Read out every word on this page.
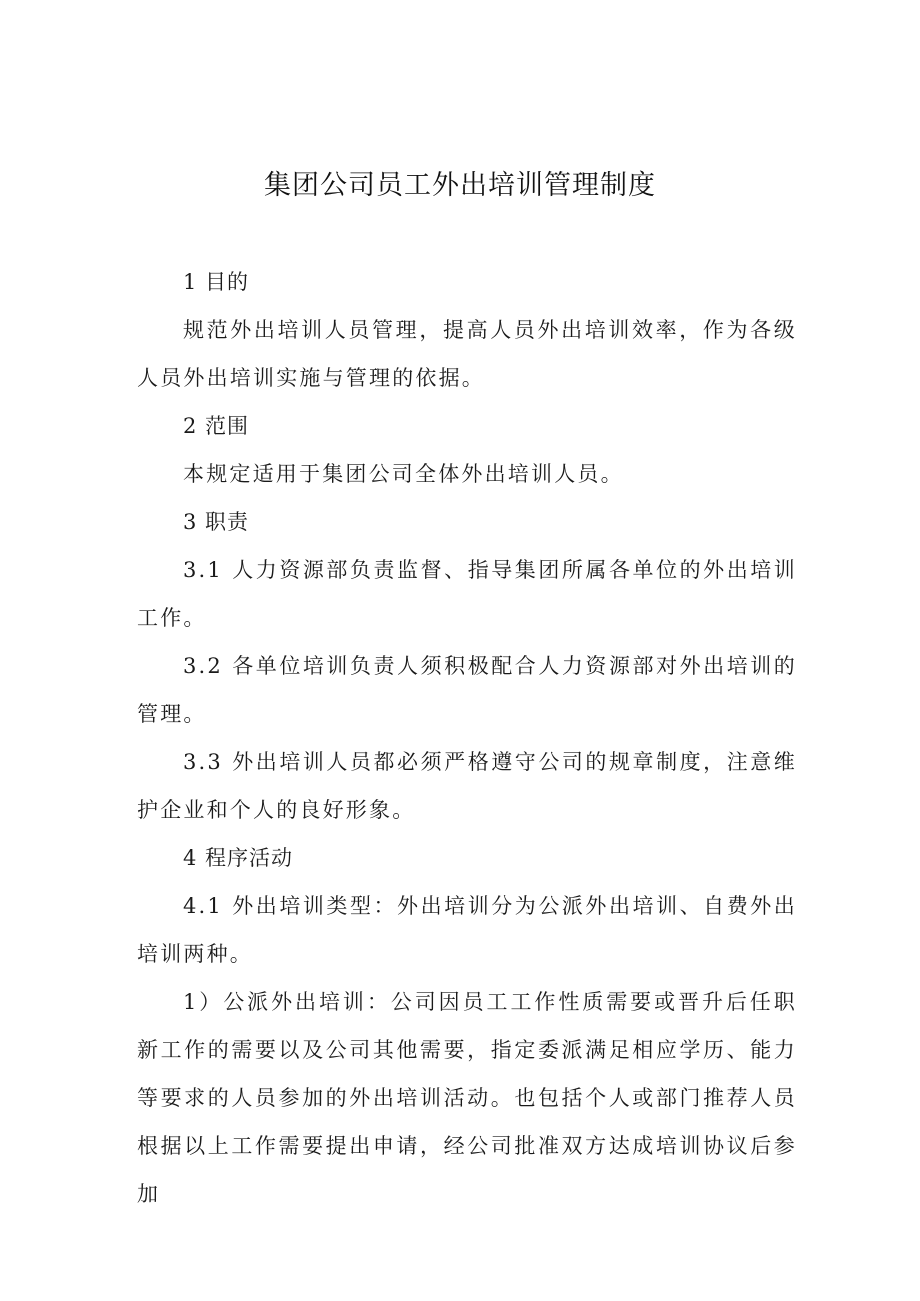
集团公司员工外出培训管理制度

1 目的

规范外出培训人员管理，提高人员外出培训效率，作为各级人员外出培训实施与管理的依据。

2 范围

本规定适用于集团公司全体外出培训人员。

3 职责

3.1 人力资源部负责监督、指导集团所属各单位的外出培训工作。

3.2 各单位培训负责人须积极配合人力资源部对外出培训的管理。

3.3 外出培训人员都必须严格遵守公司的规章制度，注意维护企业和个人的良好形象。

4 程序活动

4.1 外出培训类型：外出培训分为公派外出培训、自费外出培训两种。

1）公派外出培训：公司因员工工作性质需要或晋升后任职新工作的需要以及公司其他需要，指定委派满足相应学历、能力等要求的人员参加的外出培训活动。也包括个人或部门推荐人员根据以上工作需要提出申请，经公司批准双方达成培训协议后参加
